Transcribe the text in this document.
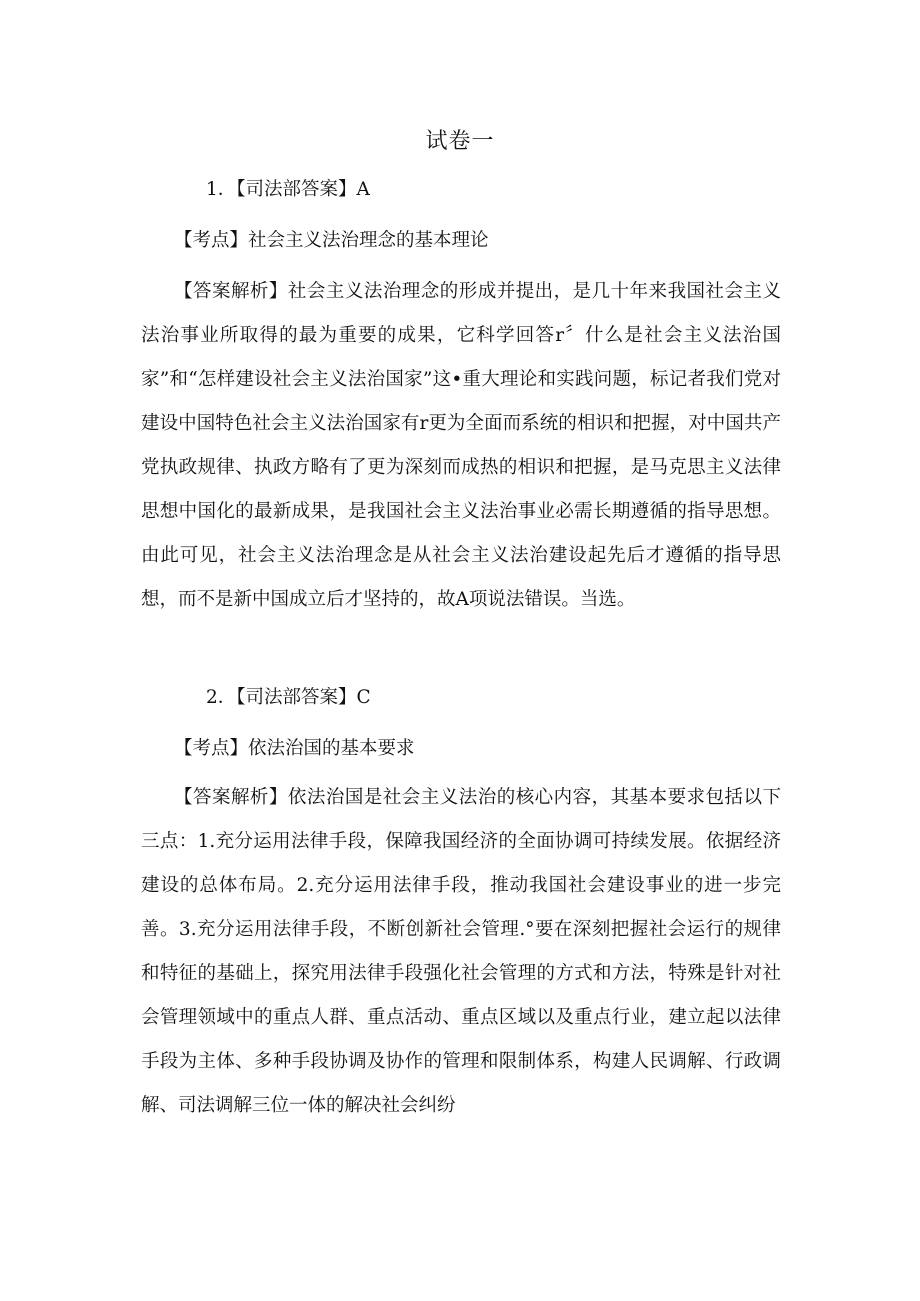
试卷一
1．【司法部答案】A
【考点】社会主义法治理念的基本理论
【答案解析】社会主义法治理念的形成并提出，是几十年来我国社会主义法治事业所取得的最为重要的成果，它科学回答r〞什么是社会主义法治国家”和“怎样建设社会主义法治国家”这•重大理论和实践问题，标记者我们党对建设中国特色社会主义法治国家有r更为全面而系统的相识和把握，对中国共产党执政规律、执政方略有了更为深刻而成热的相识和把握，是马克思主义法律思想中国化的最新成果，是我国社会主义法治事业必需长期遵循的指导思想。由此可见，社会主义法治理念是从社会主义法治建设起先后才遵循的指导思想，而不是新中国成立后才坚持的，故A项说法错误。当选。
2．【司法部答案】C
【考点】依法治国的基本要求
【答案解析】依法治国是社会主义法治的核心内容，其基本要求包括以下三点：1.充分运用法律手段，保障我国经济的全面协调可持续发展。依据经济建设的总体布局。2.充分运用法律手段，推动我国社会建设事业的进一步完善。3.充分运用法律手段，不断创新社会管理.°要在深刻把握社会运行的规律和特征的基础上，探究用法律手段强化社会管理的方式和方法，特殊是针对社会管理领域中的重点人群、重点活动、重点区域以及重点行业，建立起以法律手段为主体、多种手段协调及协作的管理和限制体系，构建人民调解、行政调解、司法调解三位一体的解决社会纠纷
